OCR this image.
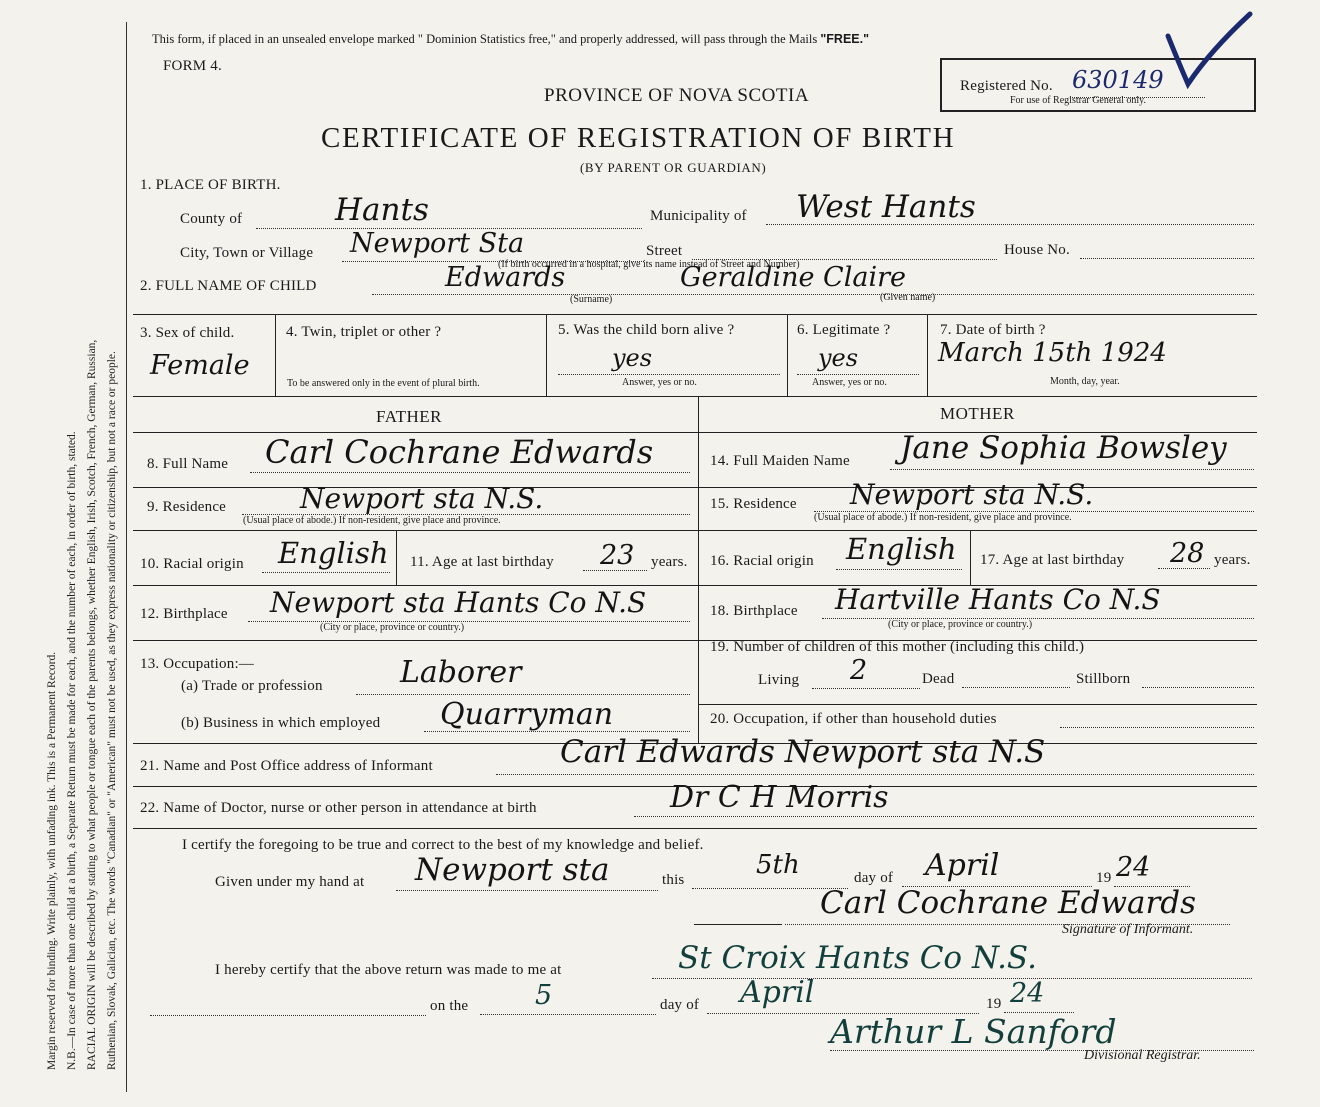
Margin reserved for binding. Write plainly, with unfading ink. This is a Permanent Record. N.B.—In case of more than one child at a birth, a Separate Return must be made for each, and the number of each, in order of birth, stated. RACIAL ORIGIN will be described by stating to what people or tongue each of the parents belongs, whether English, Irish, Scotch, French, German, Russian, Ruthenian, Slovak, Galician, etc. The words "Canadian" or "American" must not be used, as they express nationality or citizenship, but not a race or people.
This form, if placed in an unsealed envelope marked " Dominion Statistics free," and properly addressed, will pass through the Mails "FREE."
FORM 4.
Registered No. 630149
For use of Registrar General only.
PROVINCE OF NOVA SCOTIA
CERTIFICATE OF REGISTRATION OF BIRTH
(BY PARENT OR GUARDIAN)
1. PLACE OF BIRTH.
County of	Hants	Municipality of West Hants
City, Town or Village Newport Sta	Street	House No.
(If birth occurred in a hospital, give its name instead of Street and Number)
2. FULL NAME OF CHILD	Edwards	Geraldine Claire
(Surname)	(Given name)
3. Sex of child.
Female
4. Twin, triplet or other ?
To be answered only in the event of plural birth.
5. Was the child born alive ?
yes
Answer, yes or no.
6. Legitimate ?
yes
Answer, yes or no.
7. Date of birth ?
March 15th 1924
Month, day, year.
FATHER	MOTHER
8. Full Name Carl Cochrane Edwards
9. Residence	Newport sta N.S.
(Usual place of abode.) If non-resident, give place and province.
10. Racial origin English 11. Age at last birthday 23 years.
12. Birthplace Newport sta Hants Co N.S
(City or place, province or country.)
13. Occupation:—
(a) Trade or profession	Laborer
(b) Business in which employed Quarryman
14. Full Maiden Name Jane Sophia Bowsley
15. Residence Newport sta N.S.
(Usual place of abode.) If non-resident, give place and province.
16. Racial origin English 17. Age at last birthday 28 years.
18. Birthplace Hartville Hants Co N.S
(City or place, province or country.)
19. Number of children of this mother (including this child.)
Living 2	Dead	Stillborn
20. Occupation, if other than household duties
21. Name and Post Office address of Informant	Carl Edwards Newport sta N.S
22. Name of Doctor, nurse or other person in attendance at birth	Dr C H Morris
I certify the foregoing to be true and correct to the best of my knowledge and belief.
Given under my hand at Newport sta	this	5th	day of April	19 24
Carl Cochrane Edwards
Signature of Informant.
I hereby certify that the above return was made to me at	St Croix Hants Co N.S.
on the 5	day of April	19 24
Arthur L Sanford
Divisional Registrar.
